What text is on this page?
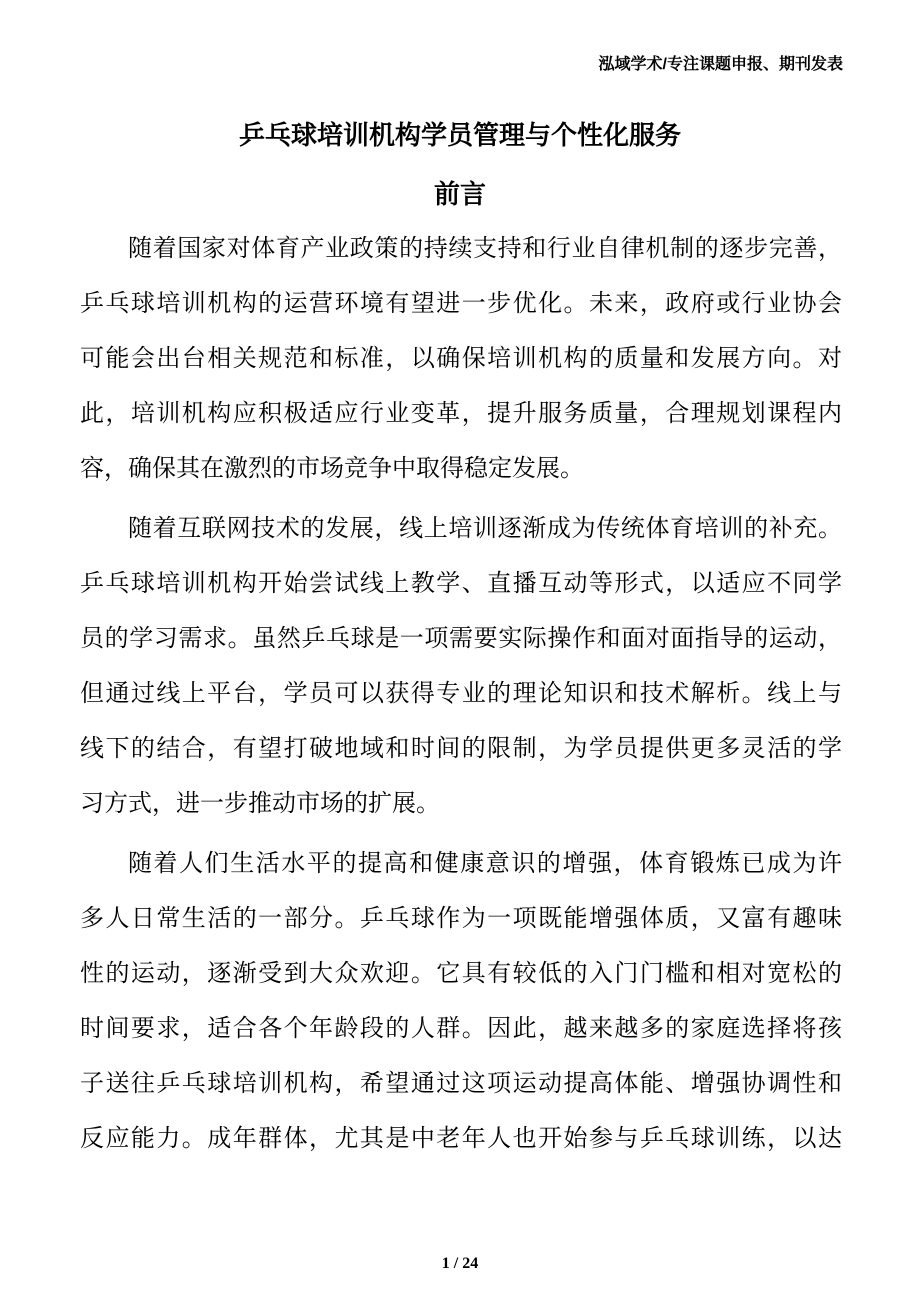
泓域学术/专注课题申报、期刊发表
乒乓球培训机构学员管理与个性化服务
前言
随着国家对体育产业政策的持续支持和行业自律机制的逐步完善，
乒乓球培训机构的运营环境有望进一步优化。未来，政府或行业协会
可能会出台相关规范和标准，以确保培训机构的质量和发展方向。对
此，培训机构应积极适应行业变革，提升服务质量，合理规划课程内
容，确保其在激烈的市场竞争中取得稳定发展。
随着互联网技术的发展，线上培训逐渐成为传统体育培训的补充。
乒乓球培训机构开始尝试线上教学、直播互动等形式，以适应不同学
员的学习需求。虽然乒乓球是一项需要实际操作和面对面指导的运动，
但通过线上平台，学员可以获得专业的理论知识和技术解析。线上与
线下的结合，有望打破地域和时间的限制，为学员提供更多灵活的学
习方式，进一步推动市场的扩展。
随着人们生活水平的提高和健康意识的增强，体育锻炼已成为许
多人日常生活的一部分。乒乓球作为一项既能增强体质，又富有趣味
性的运动，逐渐受到大众欢迎。它具有较低的入门门槛和相对宽松的
时间要求，适合各个年龄段的人群。因此，越来越多的家庭选择将孩
子送往乒乓球培训机构，希望通过这项运动提高体能、增强协调性和
反应能力。成年群体，尤其是中老年人也开始参与乒乓球训练，以达
1 / 24
